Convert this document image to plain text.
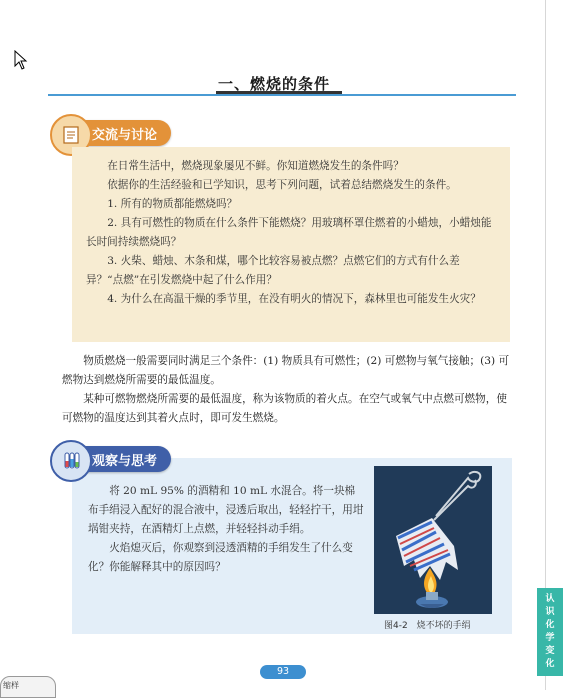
一、燃烧的条件
交流与讨论

在日常生活中，燃烧现象屡见不鲜。你知道燃烧发生的条件吗？

依据你的生活经验和已学知识，思考下列问题，试着总结燃烧发生的条件。

1. 所有的物质都能燃烧吗？

2. 具有可燃性的物质在什么条件下能燃烧？用玻璃杯罩住燃着的小蜡烛，小蜡烛能长时间持续燃烧吗？

3. 火柴、蜡烛、木条和煤，哪个比较容易被点燃？点燃它们的方式有什么差异？“点燃”在引发燃烧中起了什么作用？

4. 为什么在高温干燥的季节里，在没有明火的情况下，森林里也可能发生火灾？

物质燃烧一般需要同时满足三个条件：(1) 物质具有可燃性；(2) 可燃物与氧气接触；(3) 可燃物达到燃烧所需要的最低温度。

某种可燃物燃烧所需要的最低温度，称为该物质的着火点。在空气或氧气中点燃可燃物，使可燃物的温度达到其着火点时，即可发生燃烧。

观察与思考

将 20 mL 95% 的酒精和 10 mL 水混合。将一块棉布手绢浸入配好的混合液中，浸透后取出，轻轻拧干，用坩埚钳夹持，在酒精灯上点燃，并轻轻抖动手绢。

火焰熄灭后，你观察到浸透酒精的手绢发生了什么变化？你能解释其中的原因吗？

图4-2 烧不坏的手绢
93
认
识
化
学
变
化
缩样
